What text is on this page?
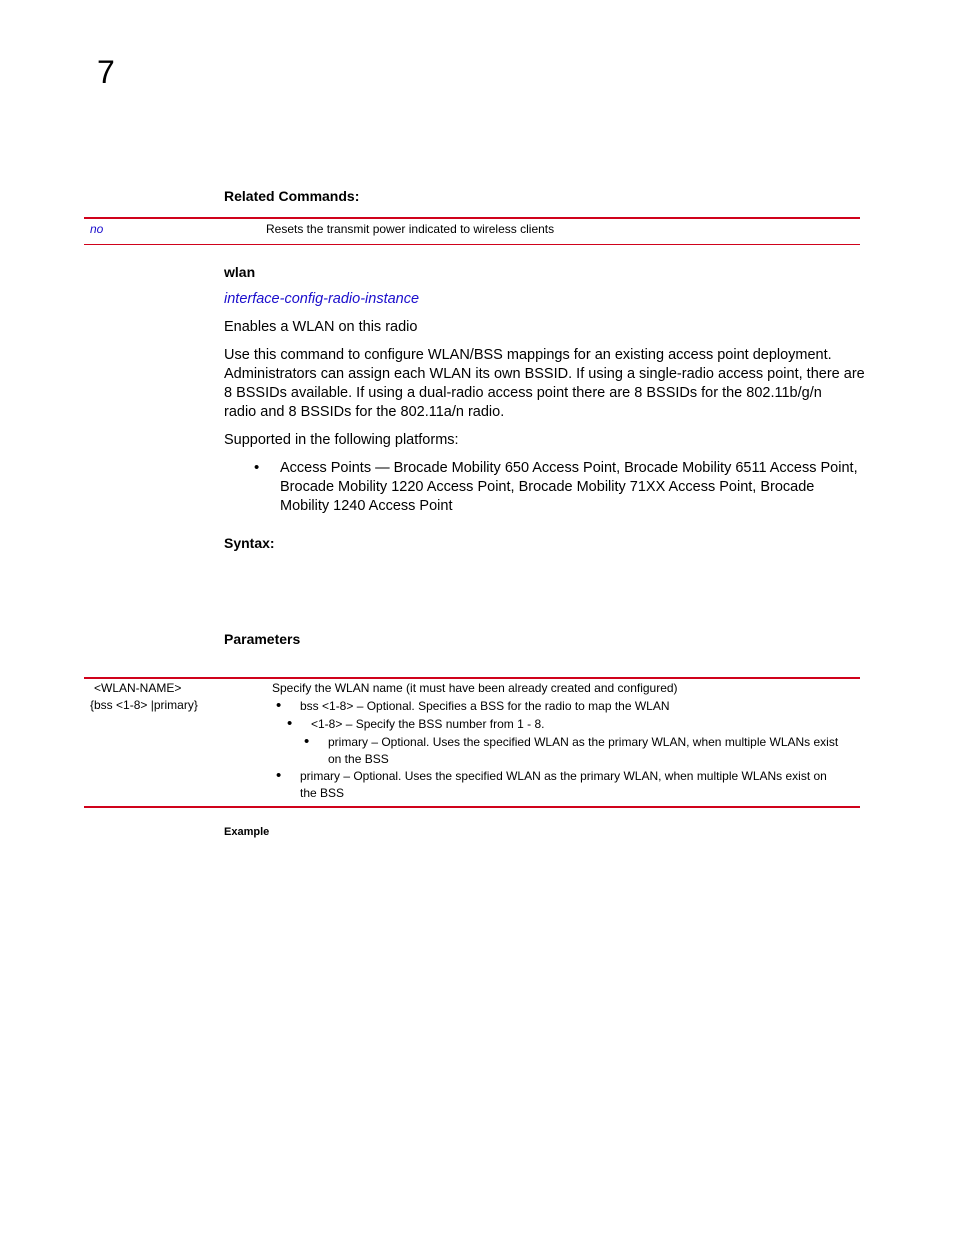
7
Related Commands:
no	Resets the transmit power indicated to wireless clients
wlan
interface-config-radio-instance
Enables a WLAN on this radio
Use this command to configure WLAN/BSS mappings for an existing access point deployment.
Administrators can assign each WLAN its own BSSID. If using a single-radio access point, there are
8 BSSIDs available. If using a dual-radio access point there are 8 BSSIDs for the 802.11b/g/n
radio and 8 BSSIDs for the 802.11a/n radio.
Supported in the following platforms:
• Access Points — Brocade Mobility 650 Access Point, Brocade Mobility 6511 Access Point,
Brocade Mobility 1220 Access Point, Brocade Mobility 71XX Access Point, Brocade
Mobility 1240 Access Point
Syntax:
Parameters
<WLAN-NAME>
{bss <1-8> |primary}
Specify the WLAN name (it must have been already created and configured)
• bss <1-8> – Optional. Specifies a BSS for the radio to map the WLAN
• <1-8> – Specify the BSS number from 1 - 8.
• primary – Optional. Uses the specified WLAN as the primary WLAN, when multiple WLANs exist
on the BSS
• primary – Optional. Uses the specified WLAN as the primary WLAN, when multiple WLANs exist on
the BSS
Example
